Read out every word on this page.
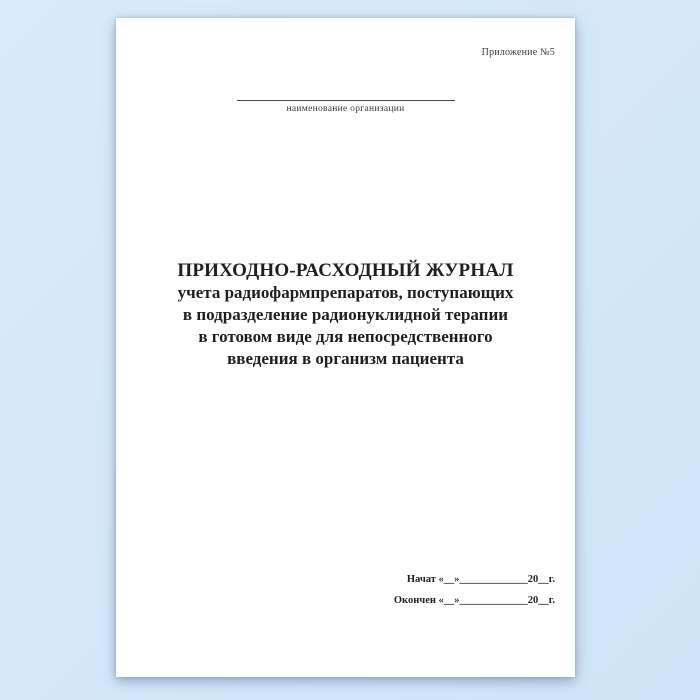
Приложение №5
наименование организации
ПРИХОДНО-РАСХОДНЫЙ ЖУРНАЛ
учета радиофармпрепаратов, поступающих
в подразделение радионуклидной терапии
в готовом виде для непосредственного
введения в организм пациента
Начат «__»_____________20__г.
Окончен «__»_____________20__г.
